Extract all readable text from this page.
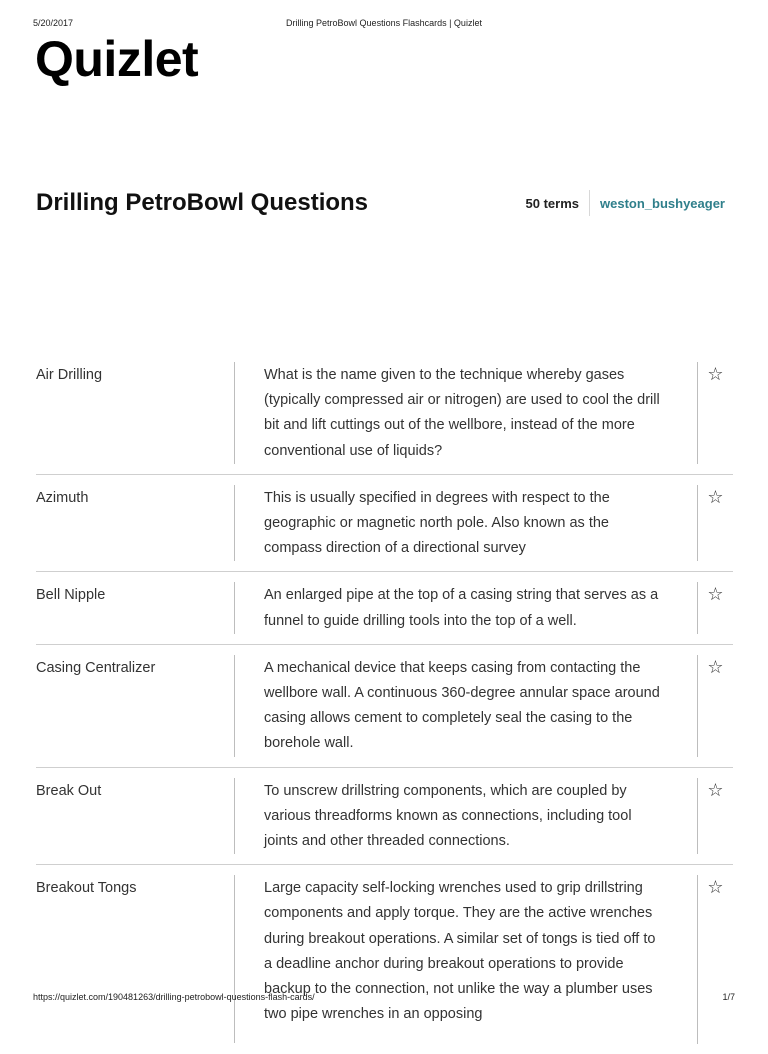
5/20/2017	Drilling PetroBowl Questions Flashcards | Quizlet
Quizlet
Drilling PetroBowl Questions	50 terms	weston_bushyeager
Air Drilling	What is the name given to the technique whereby gases (typically compressed air or nitrogen) are used to cool the drill bit and lift cuttings out of the wellbore, instead of the more conventional use of liquids?
☆
Azimuth	This is usually specified in degrees with respect to the geographic or magnetic north pole. Also known as the compass direction of a directional survey
☆
Bell Nipple	An enlarged pipe at the top of a casing string that serves as a funnel to guide drilling tools into the top of a well.
☆
Casing Centralizer	A mechanical device that keeps casing from contacting the wellbore wall. A continuous 360-degree annular space around casing allows cement to completely seal the casing to the borehole wall.
☆
Break Out	To unscrew drillstring components, which are coupled by various threadforms known as connections, including tool joints and other threaded connections.
☆
Breakout Tongs	Large capacity self-locking wrenches used to grip drillstring components and apply torque. They are the active wrenches during breakout operations. A similar set of tongs is tied off to a deadline anchor during breakout operations to provide backup to the connection, not unlike the way a plumber uses two pipe wrenches in an opposing
☆
https://quizlet.com/190481263/drilling-petrobowl-questions-flash-cards/	1/7
